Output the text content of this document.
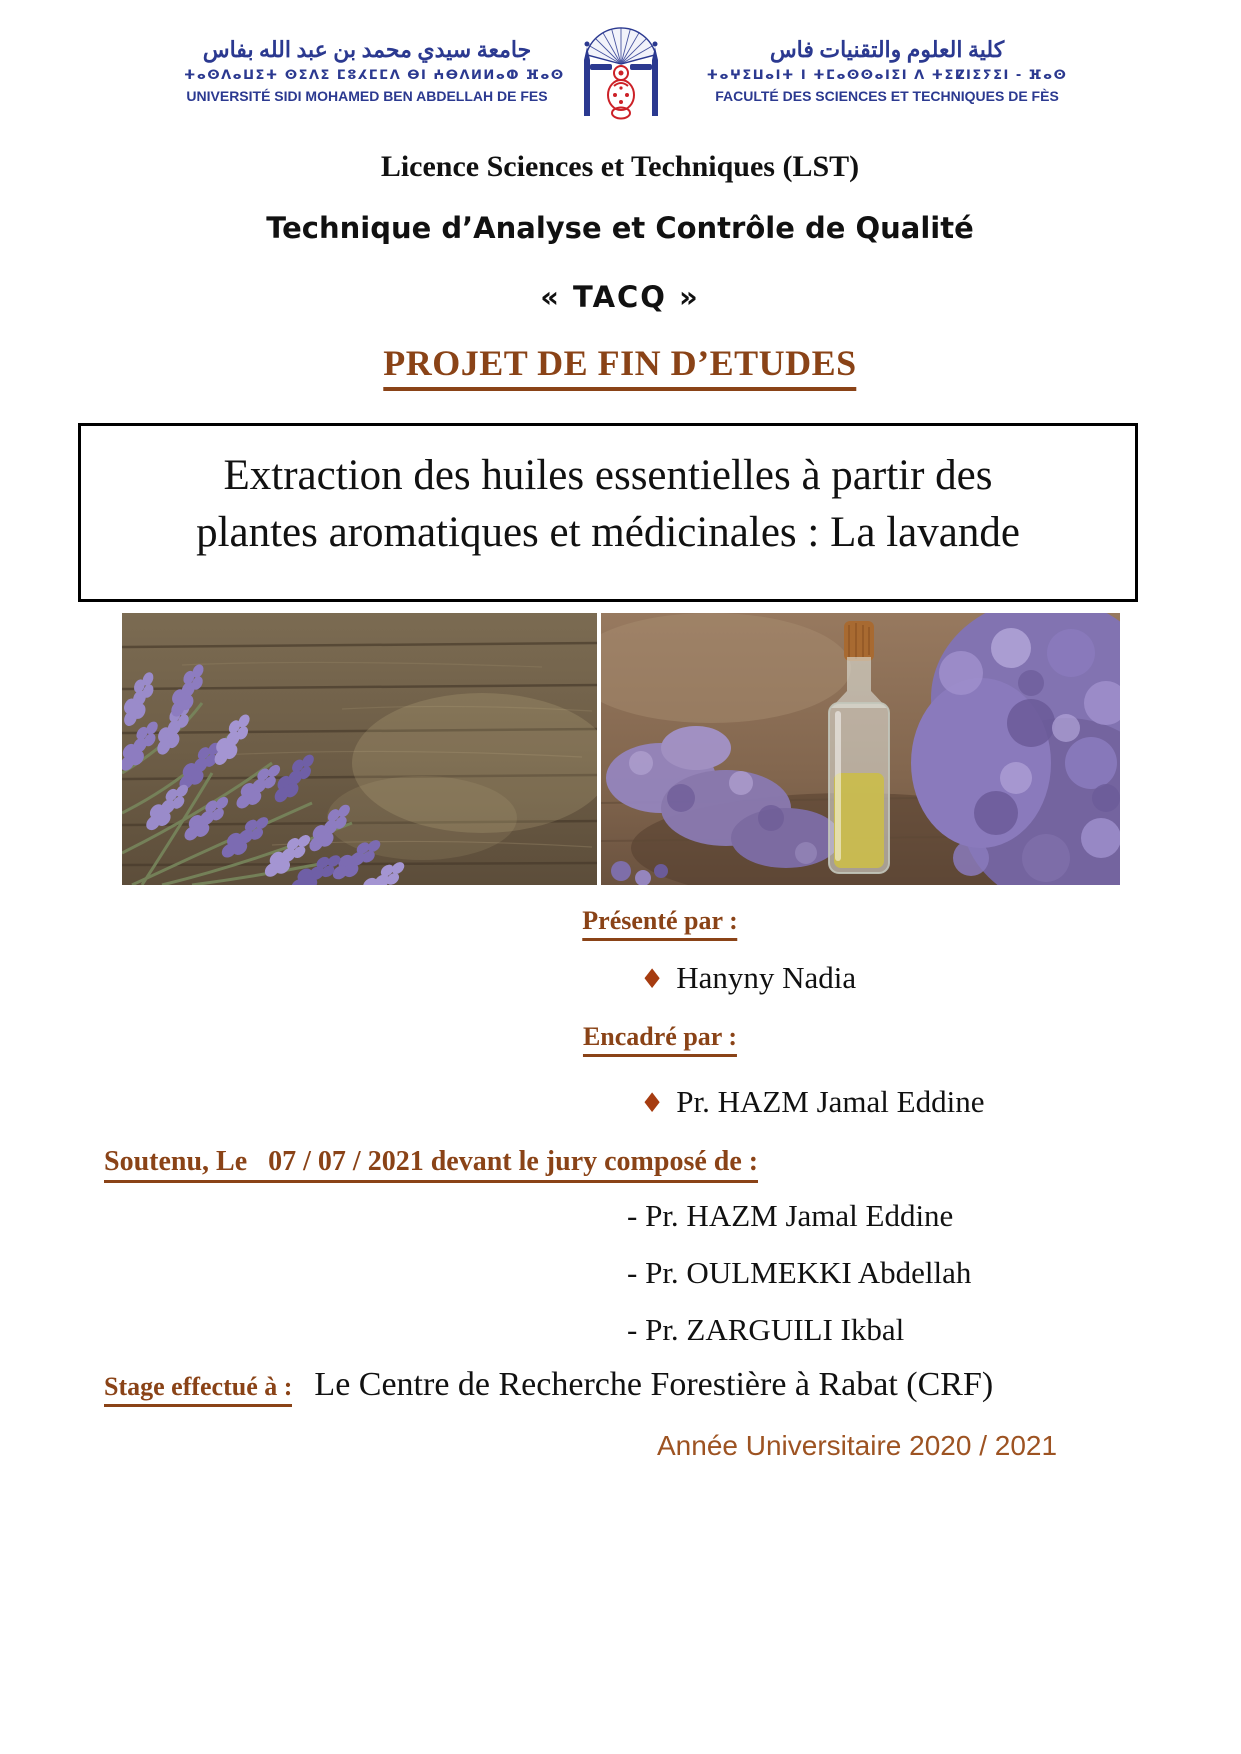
جامعة سيدي محمد بن عبد الله بفاس
ⵜⴰⵙⴷⴰⵡⵉⵜ ⵙⵉⴷⵉ ⵎⵓⵃⵎⵎⴷ ⴱⵏ ⵄⴱⴷⵍⵍⴰⵀ ⴼⴰⵙ
UNIVERSITÉ SIDI MOHAMED BEN ABDELLAH DE FES
كلية العلوم والتقنيات فاس
ⵜⴰⵖⵉⵡⴰⵏⵜ ⵏ ⵜⵎⴰⵙⵙⴰⵏⵉⵏ ⴷ ⵜⵉⵇⵏⵉⵢⵉⵏ - ⴼⴰⵙ
FACULTÉ DES SCIENCES ET TECHNIQUES DE FÈS
Licence Sciences et Techniques (LST)
Technique d’Analyse et Contrôle de Qualité
« TACQ »
PROJET DE FIN D’ETUDES
Extraction des huiles essentielles à partir des
plantes aromatiques et médicinales : La lavande
Présenté par :
♦ Hanyny Nadia
Encadré par :
♦ Pr. HAZM Jamal Eddine
Soutenu, Le   07 / 07 / 2021 devant le jury composé de :
- Pr. HAZM Jamal Eddine
- Pr. OULMEKKI Abdellah
- Pr. ZARGUILI Ikbal
Stage effectué à : Le Centre de Recherche Forestière à Rabat (CRF)
Année Universitaire 2020 / 2021
